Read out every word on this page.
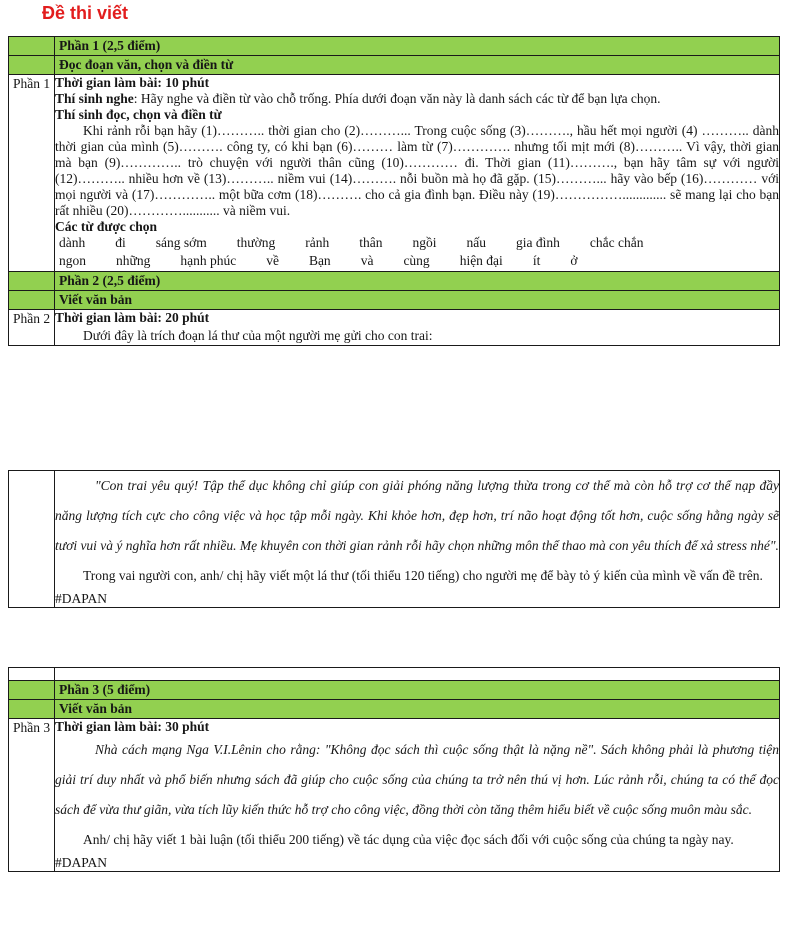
Đề thi viết
	Phần 1 (2,5 điểm)
	Đọc đoạn văn, chọn và điền từ
Phần 1	Thời gian làm bài: 10 phút

Thí sinh nghe: Hãy nghe và điền từ vào chỗ trống. Phía dưới đoạn văn này là danh sách các từ để bạn lựa chọn.

Thí sinh đọc, chọn và điền từ

Khi rảnh rỗi bạn hãy (1)……….. thời gian cho (2)………... Trong cuộc sống (3)………., hầu hết mọi người (4) ……….. dành thời gian của mình (5)………. công ty, có khi bạn (6)……… làm từ (7)…………. nhưng tối mịt mới (8)……….. Vì vậy, thời gian mà bạn (9)………….. trò chuyện với người thân cũng (10)………… đi. Thời gian (11)………., bạn hãy tâm sự với người (12)……….. nhiều hơn về (13)……….. niềm vui (14)………. nỗi buồn mà họ đã gặp. (15)………... hãy vào bếp (16)………… với mọi người và (17)………….. một bữa cơm (18)………. cho cả gia đình bạn. Điều này (19)……………............. sẽ mang lại cho bạn rất nhiều (20)…………........... và niềm vui.

Các từ được chọn

dành đi sáng sớm thường rảnh thân ngồi nấu gia đình chắc chắn

ngon những hạnh phúc về Bạn và cùng hiện đại ít ở

	Phần 2 (2,5 điểm)
	Viết văn bản
Phần 2	Thời gian làm bài: 20 phút

Dưới đây là trích đoạn lá thư của một người mẹ gửi cho con trai:

"Con trai yêu quý! Tập thể dục không chỉ giúp con giải phóng năng lượng thừa trong cơ thể mà còn hỗ trợ cơ thể nạp đầy năng lượng tích cực cho công việc và học tập mỗi ngày. Khi khỏe hơn, đẹp hơn, trí não hoạt động tốt hơn, cuộc sống hằng ngày sẽ tươi vui và ý nghĩa hơn rất nhiều. Mẹ khuyên con thời gian rảnh rỗi hãy chọn những môn thể thao mà con yêu thích để xả stress nhé".

Trong vai người con, anh/ chị hãy viết một lá thư (tối thiểu 120 tiếng) cho người mẹ để bày tỏ ý kiến của mình về vấn đề trên.

#DAPAN

	Phần 3 (5 điểm)
	Viết văn bản
Phần 3	Thời gian làm bài: 30 phút

Nhà cách mạng Nga V.I.Lênin cho rằng: "Không đọc sách thì cuộc sống thật là nặng nề". Sách không phải là phương tiện giải trí duy nhất và phổ biến nhưng sách đã giúp cho cuộc sống của chúng ta trở nên thú vị hơn. Lúc rảnh rỗi, chúng ta có thể đọc sách để vừa thư giãn, vừa tích lũy kiến thức hỗ trợ cho công việc, đồng thời còn tăng thêm hiểu biết về cuộc sống muôn màu sắc.

Anh/ chị hãy viết 1 bài luận (tối thiểu 200 tiếng) về tác dụng của việc đọc sách đối với cuộc sống của chúng ta ngày nay.

#DAPAN
